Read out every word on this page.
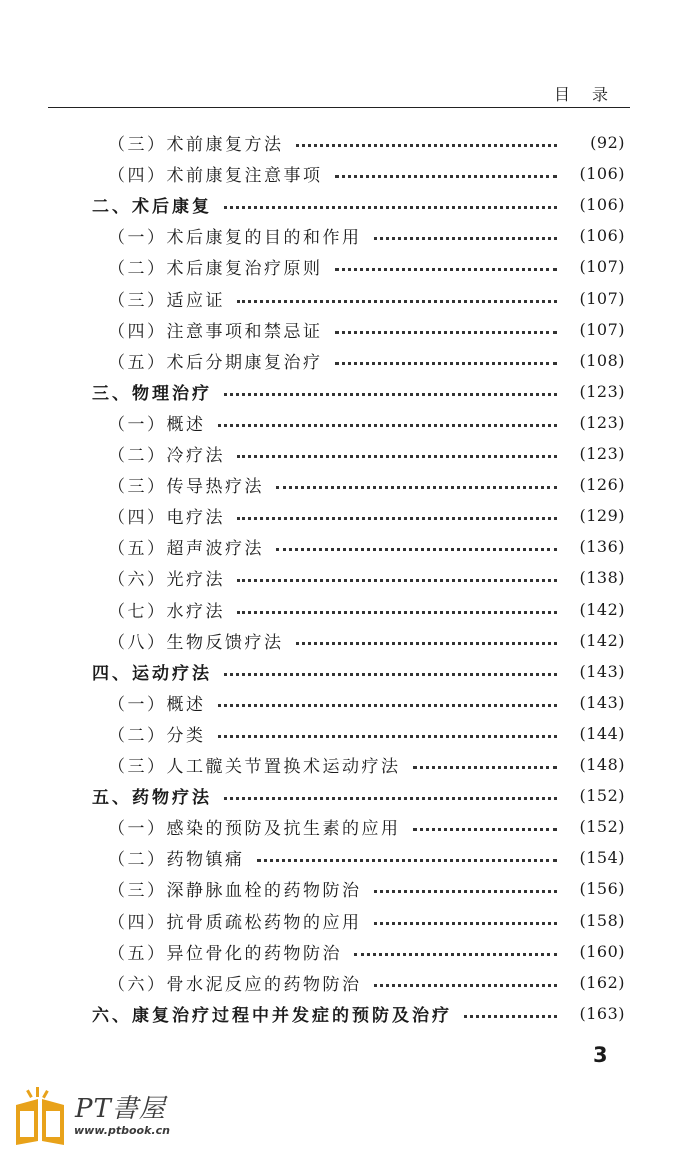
目录
（三）术前康复方法	(92)
（四）术前康复注意事项	(106)
二、术后康复	(106)
（一）术后康复的目的和作用	(106)
（二）术后康复治疗原则	(107)
（三）适应证	(107)
（四）注意事项和禁忌证	(107)
（五）术后分期康复治疗	(108)
三、物理治疗	(123)
（一）概述	(123)
（二）冷疗法	(123)
（三）传导热疗法	(126)
（四）电疗法	(129)
（五）超声波疗法	(136)
（六）光疗法	(138)
（七）水疗法	(142)
（八）生物反馈疗法	(142)
四、运动疗法	(143)
（一）概述	(143)
（二）分类	(144)
（三）人工髋关节置换术运动疗法	(148)
五、药物疗法	(152)
（一）感染的预防及抗生素的应用	(152)
（二）药物镇痛	(154)
（三）深静脉血栓的药物防治	(156)
（四）抗骨质疏松药物的应用	(158)
（五）异位骨化的药物防治	(160)
（六）骨水泥反应的药物防治	(162)
六、康复治疗过程中并发症的预防及治疗	(163)
3
PT書屋
www.ptbook.cn
